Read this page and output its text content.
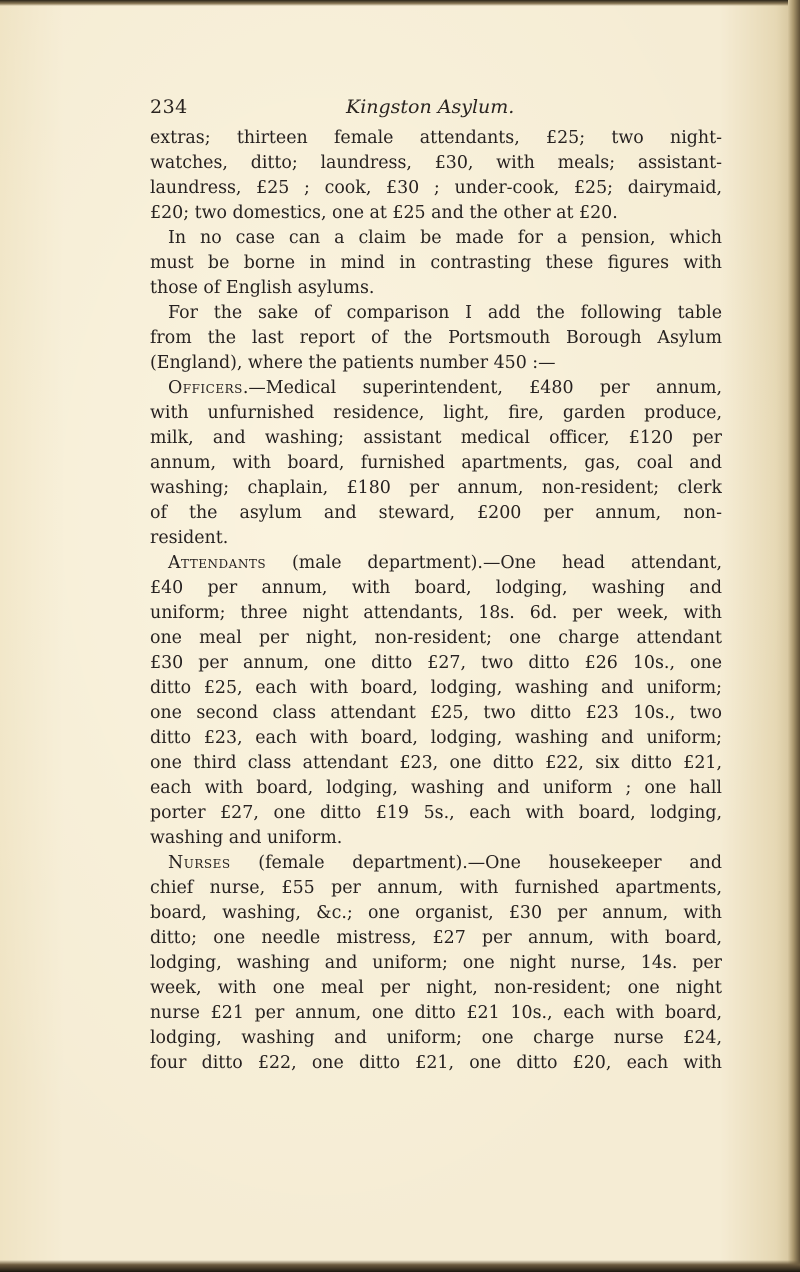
234	Kingston Asylum.
extras; thirteen female attendants, £25; two night-
watches, ditto; laundress, £30, with meals; assistant-
laundress, £25 ; cook, £30 ; under-cook, £25; dairymaid,
£20; two domestics, one at £25 and the other at £20.
In no case can a claim be made for a pension, which
must be borne in mind in contrasting these figures with
those of English asylums.
For the sake of comparison I add the following table
from the last report of the Portsmouth Borough Asylum
(England), where the patients number 450 :—
Officers.—Medical superintendent, £480 per annum,
with unfurnished residence, light, fire, garden produce,
milk, and washing; assistant medical officer, £120 per
annum, with board, furnished apartments, gas, coal and
washing; chaplain, £180 per annum, non-resident; clerk
of the asylum and steward, £200 per annum, non-
resident.
Attendants (male department).—One head attendant,
£40 per annum, with board, lodging, washing and
uniform; three night attendants, 18s. 6d. per week, with
one meal per night, non-resident; one charge attendant
£30 per annum, one ditto £27, two ditto £26 10s., one
ditto £25, each with board, lodging, washing and uniform;
one second class attendant £25, two ditto £23 10s., two
ditto £23, each with board, lodging, washing and uniform;
one third class attendant £23, one ditto £22, six ditto £21,
each with board, lodging, washing and uniform ; one hall
porter £27, one ditto £19 5s., each with board, lodging,
washing and uniform.
Nurses (female department).—One housekeeper and
chief nurse, £55 per annum, with furnished apartments,
board, washing, &c.; one organist, £30 per annum, with
ditto; one needle mistress, £27 per annum, with board,
lodging, washing and uniform; one night nurse, 14s. per
week, with one meal per night, non-resident; one night
nurse £21 per annum, one ditto £21 10s., each with board,
lodging, washing and uniform; one charge nurse £24,
four ditto £22, one ditto £21, one ditto £20, each with
